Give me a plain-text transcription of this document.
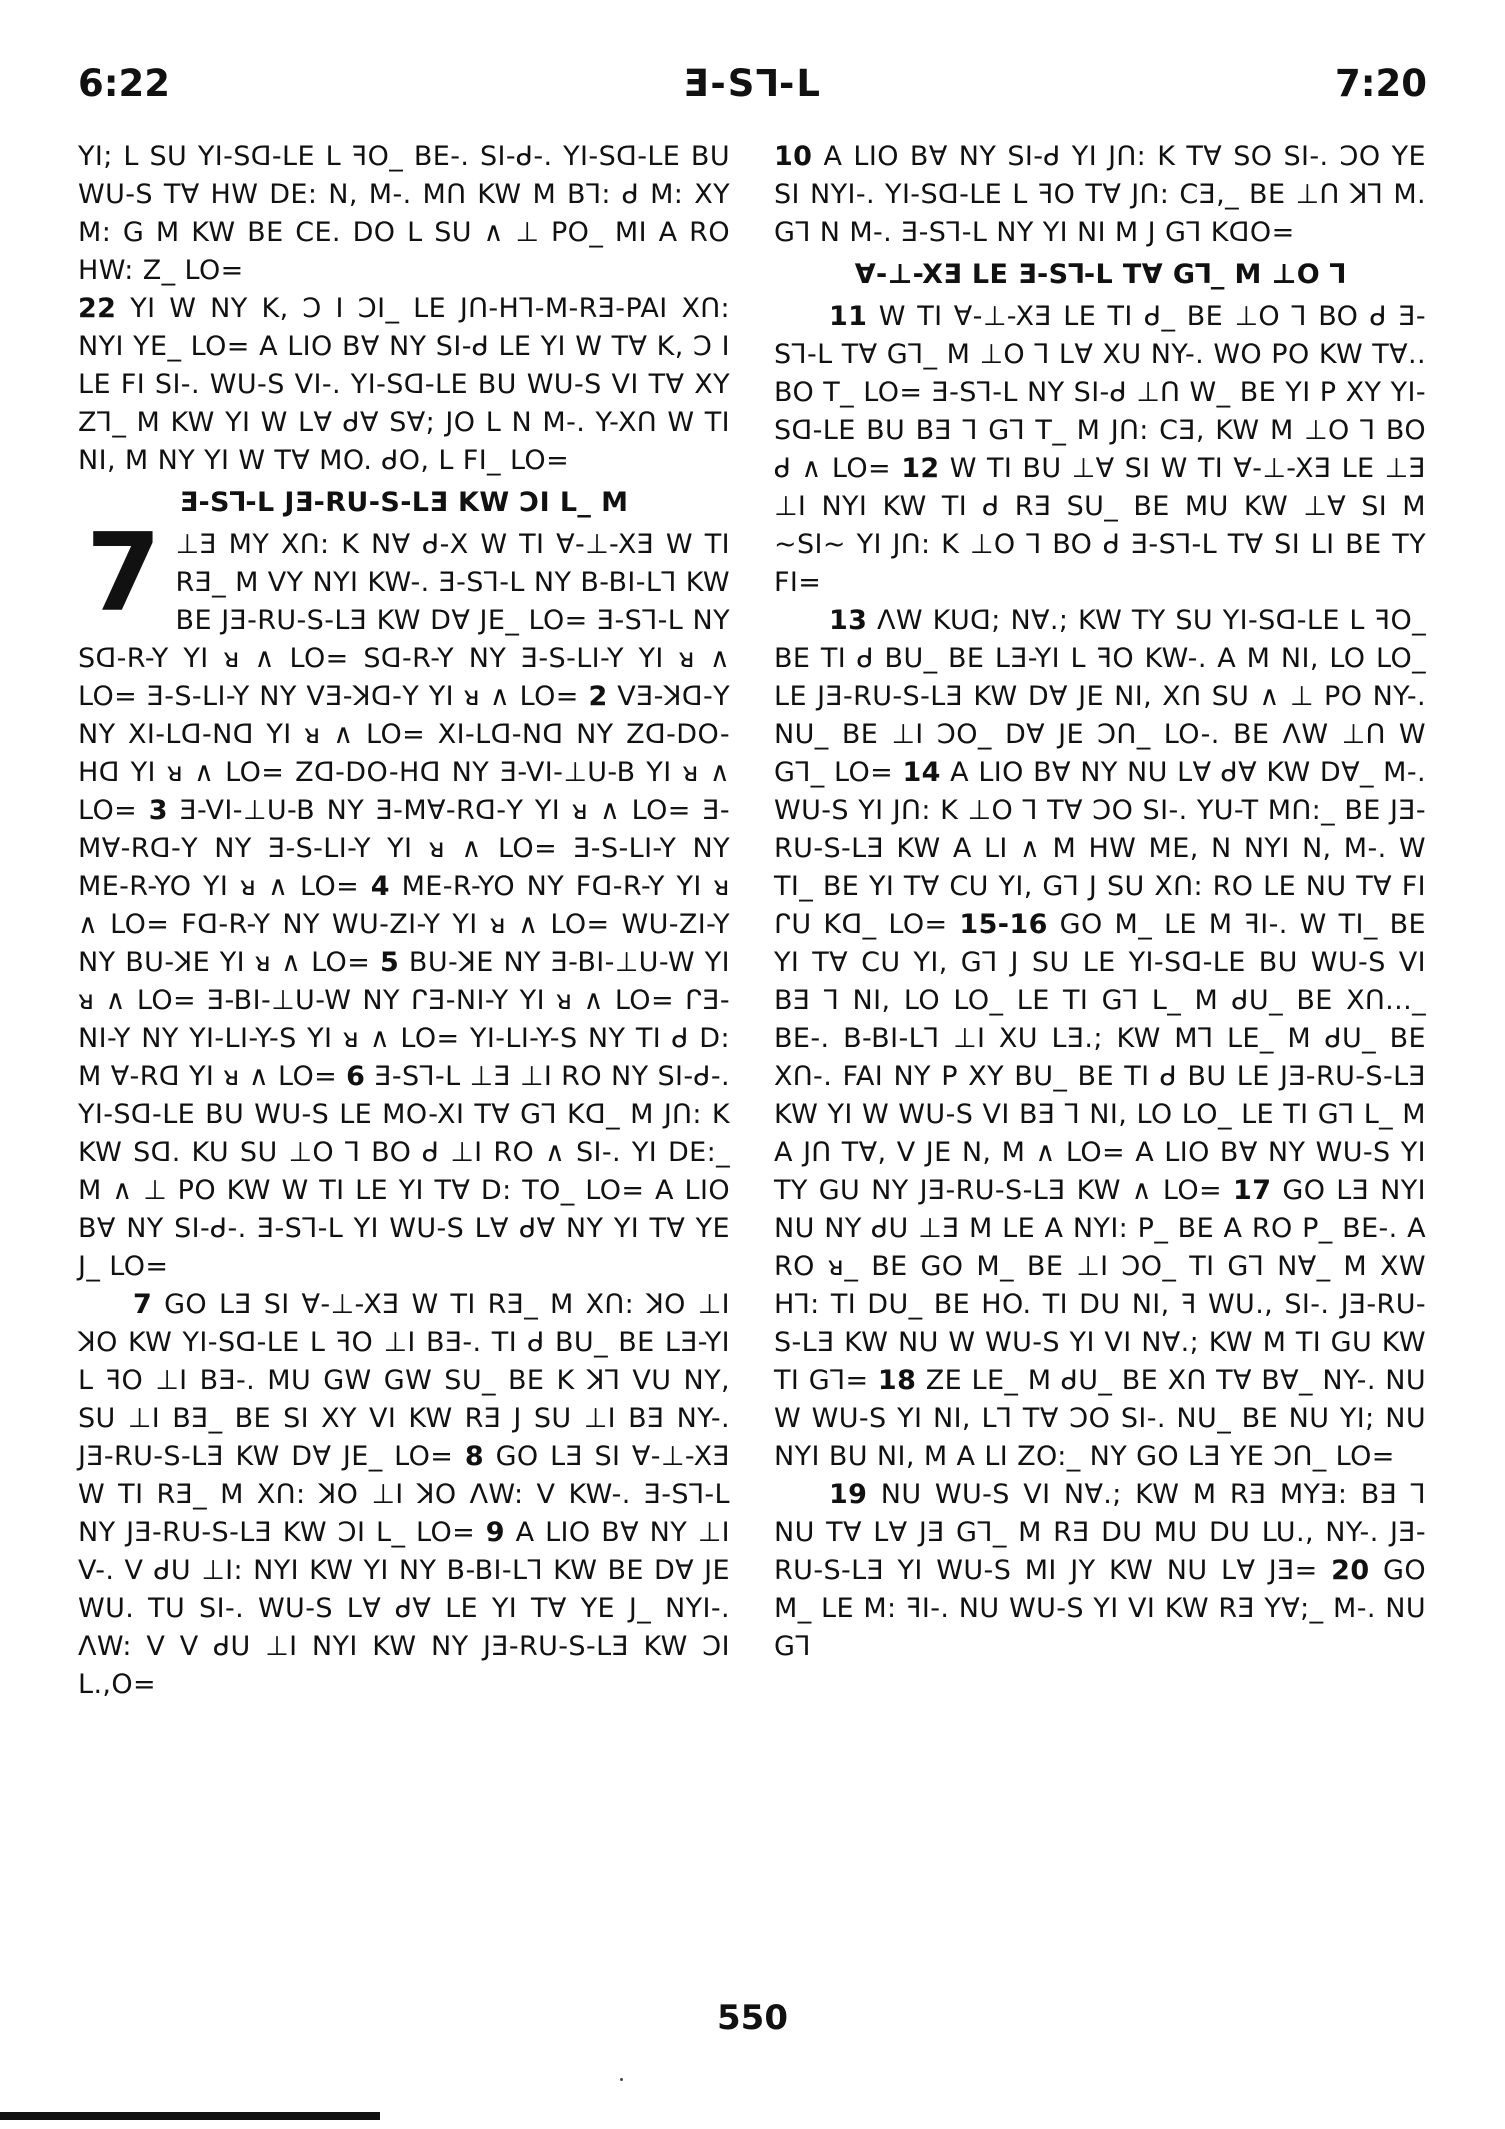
6:22	Ǝ-S⅂-L	7:20

YI; L SU YI-Sᗡ-LE L ꟻO_ BE-. SI-ᑯ-. YI-Sᗡ-LE BU WU-S T∀ HW DE: N, M-. Mᑎ KW M B⅂: ᑯ M: XY M: G M KW BE CE. DO L SU ∧ ⊥ PO_ MI A RO HW: Z_ LO=

22 YI W NY K, Ɔ I ƆI_ LE Jᑎ-H⅂-M-RƎ-PAI Xᑎ: NYI YE_ LO= A LIO B∀ NY SI-ᑯ LE YI W T∀ K, Ɔ I LE FI SI-. WU-S VI-. YI-Sᗡ-LE BU WU-S VI T∀ XY Z⅂_ M KW YI W L∀ ᑯ∀ S∀; JO L N M-. Y-Xᑎ W TI NI, M NY YI W T∀ MO. ᑯO, L FI_ LO=

Ǝ-S⅂-L JƎ-RU-S-LƎ KW ƆI L_ M
7 ⊥Ǝ MY Xᑎ: K N∀ ᑯ-X W TI ∀-⊥-XƎ W TI RƎ_ M VY NYI KW-. Ǝ-S⅂-L NY B-BI-L⅂ KW BE JƎ-RU-S-LƎ KW D∀ JE_ LO= Ǝ-S⅂-L NY Sᗡ-R-Y YI ᴚ ∧ LO= Sᗡ-R-Y NY Ǝ-S-LI-Y YI ᴚ ∧ LO= Ǝ-S-LI-Y NY VƎ-ꓘᗡ-Y YI ᴚ ∧ LO= 2 VƎ-ꓘᗡ-Y NY XI-Lᗡ-Nᗡ YI ᴚ ∧ LO= XI-Lᗡ-Nᗡ NY Zᗡ-DO-Hᗡ YI ᴚ ∧ LO= Zᗡ-DO-Hᗡ NY Ǝ-VI-⊥U-B YI ᴚ ∧ LO= 3 Ǝ-VI-⊥U-B NY Ǝ-M∀-Rᗡ-Y YI ᴚ ∧ LO= Ǝ-M∀-Rᗡ-Y NY Ǝ-S-LI-Y YI ᴚ ∧ LO= Ǝ-S-LI-Y NY ME-R-YO YI ᴚ ∧ LO= 4 ME-R-YO NY Fᗡ-R-Y YI ᴚ ∧ LO= Fᗡ-R-Y NY WU-ZI-Y YI ᴚ ∧ LO= WU-ZI-Y NY BU-ꓘE YI ᴚ ∧ LO= 5 BU-ꓘE NY Ǝ-BI-⊥U-W YI ᴚ ∧ LO= Ǝ-BI-⊥U-W NY ᒋƎ-NI-Y YI ᴚ ∧ LO= ᒋƎ-NI-Y NY YI-LI-Y-S YI ᴚ ∧ LO= YI-LI-Y-S NY TI ᑯ D: M ∀-Rᗡ YI ᴚ ∧ LO= 6 Ǝ-S⅂-L ⊥Ǝ ⊥I RO NY SI-ᑯ-. YI-Sᗡ-LE BU WU-S LE MO-XI T∀ G⅂ Kᗡ_ M Jᑎ: K KW Sᗡ. KU SU ⊥O ⅂ BO ᑯ ⊥I RO ∧ SI-. YI DE:_ M ∧ ⊥ PO KW W TI LE YI T∀ D: TO_ LO= A LIO B∀ NY SI-ᑯ-. Ǝ-S⅂-L YI WU-S L∀ ᑯ∀ NY YI T∀ YE J_ LO=

7 GO LƎ SI ∀-⊥-XƎ W TI RƎ_ M Xᑎ: ꓘO ⊥I ꓘO KW YI-Sᗡ-LE L ꟻO ⊥I BƎ-. TI ᑯ BU_ BE LƎ-YI L ꟻO ⊥I BƎ-. MU GW GW SU_ BE K ꓘ⅂ VU NY, SU ⊥I BƎ_ BE SI XY VI KW RƎ J SU ⊥I BƎ NY-. JƎ-RU-S-LƎ KW D∀ JE_ LO= 8 GO LƎ SI ∀-⊥-XƎ W TI RƎ_ M Xᑎ: ꓘO ⊥I ꓘO ΛW: V KW-. Ǝ-S⅂-L NY JƎ-RU-S-LƎ KW ƆI L_ LO= 9 A LIO B∀ NY ⊥I V-. V ᑯU ⊥I: NYI KW YI NY B-BI-L⅂ KW BE D∀ JE WU. TU SI-. WU-S L∀ ᑯ∀ LE YI T∀ YE J_ NYI-. ΛW: V V ᑯU ⊥I NYI KW NY JƎ-RU-S-LƎ KW ƆI L.,O=

10 A LIO B∀ NY SI-ᑯ YI Jᑎ: K T∀ SO SI-. ƆO YE SI NYI-. YI-Sᗡ-LE L ꟻO T∀ Jᑎ: CƎ,_ BE ⊥ᑎ ꓘ⅂ M. G⅂ N M-. Ǝ-S⅂-L NY YI NI M J G⅂ KᗡO=

∀-⊥-XƎ LE Ǝ-S⅂-L T∀ G⅂_ M ⊥O ⅂

11 W TI ∀-⊥-XƎ LE TI ᑯ_ BE ⊥O ⅂ BO ᑯ Ǝ-S⅂-L T∀ G⅂_ M ⊥O ⅂ L∀ XU NY-. WO PO KW T∀.. BO T_ LO= Ǝ-S⅂-L NY SI-ᑯ ⊥ᑎ W_ BE YI P XY YI-Sᗡ-LE BU BƎ ⅂ G⅂ T_ M Jᑎ: CƎ, KW M ⊥O ⅂ BO ᑯ ∧ LO= 12 W TI BU ⊥∀ SI W TI ∀-⊥-XƎ LE ⊥Ǝ ⊥I NYI KW TI ᑯ RƎ SU_ BE MU KW ⊥∀ SI M ~SI~ YI Jᑎ: K ⊥O ⅂ BO ᑯ Ǝ-S⅂-L T∀ SI LI BE TY FI=

13 ΛW KUᗡ; N∀.; KW TY SU YI-Sᗡ-LE L ꟻO_ BE TI ᑯ BU_ BE LƎ-YI L ꟻO KW-. A M NI, LO LO_ LE JƎ-RU-S-LƎ KW D∀ JE NI, Xᑎ SU ∧ ⊥ PO NY-. NU_ BE ⊥I ƆO_ D∀ JE Ɔᑎ_ LO-. BE ΛW ⊥ᑎ W G⅂_ LO= 14 A LIO B∀ NY NU L∀ ᑯ∀ KW D∀_ M-. WU-S YI Jᑎ: K ⊥O ⅂ T∀ ƆO SI-. YU-T Mᑎ:_ BE JƎ-RU-S-LƎ KW A LI ∧ M HW ME, N NYI N, M-. W TI_ BE YI T∀ CU YI, G⅂ J SU Xᑎ: RO LE NU T∀ FI ᒋU Kᗡ_ LO= 15-16 GO M_ LE M ꟻI-. W TI_ BE YI T∀ CU YI, G⅂ J SU LE YI-Sᗡ-LE BU WU-S VI BƎ ⅂ NI, LO LO_ LE TI G⅂ L_ M ᑯU_ BE Xᑎ..._ BE-. B-BI-L⅂ ⊥I XU LƎ.; KW M⅂ LE_ M ᑯU_ BE Xᑎ-. FAI NY P XY BU_ BE TI ᑯ BU LE JƎ-RU-S-LƎ KW YI W WU-S VI BƎ ⅂ NI, LO LO_ LE TI G⅂ L_ M A Jᑎ T∀, V JE N, M ∧ LO= A LIO B∀ NY WU-S YI TY GU NY JƎ-RU-S-LƎ KW ∧ LO= 17 GO LƎ NYI NU NY ᑯU ⊥Ǝ M LE A NYI: P_ BE A RO P_ BE-. A RO ᴚ_ BE GO M_ BE ⊥I ƆO_ TI G⅂ N∀_ M XW H⅂: TI DU_ BE HO. TI DU NI, ꟻ WU., SI-. JƎ-RU-S-LƎ KW NU W WU-S YI VI N∀.; KW M TI GU KW TI G⅂= 18 ZE LE_ M ᑯU_ BE Xᑎ T∀ B∀_ NY-. NU W WU-S YI NI, L⅂ T∀ ƆO SI-. NU_ BE NU YI; NU NYI BU NI, M A LI ZO:_ NY GO LƎ YE Ɔᑎ_ LO=

19 NU WU-S VI N∀.; KW M RƎ MYƎ: BƎ ⅂ NU T∀ L∀ JƎ G⅂_ M RƎ DU MU DU LU., NY-. JƎ-RU-S-LƎ YI WU-S MI JY KW NU L∀ JƎ= 20 GO M_ LE M: ꟻI-. NU WU-S YI VI KW RƎ Y∀;_ M-. NU G⅂

550
